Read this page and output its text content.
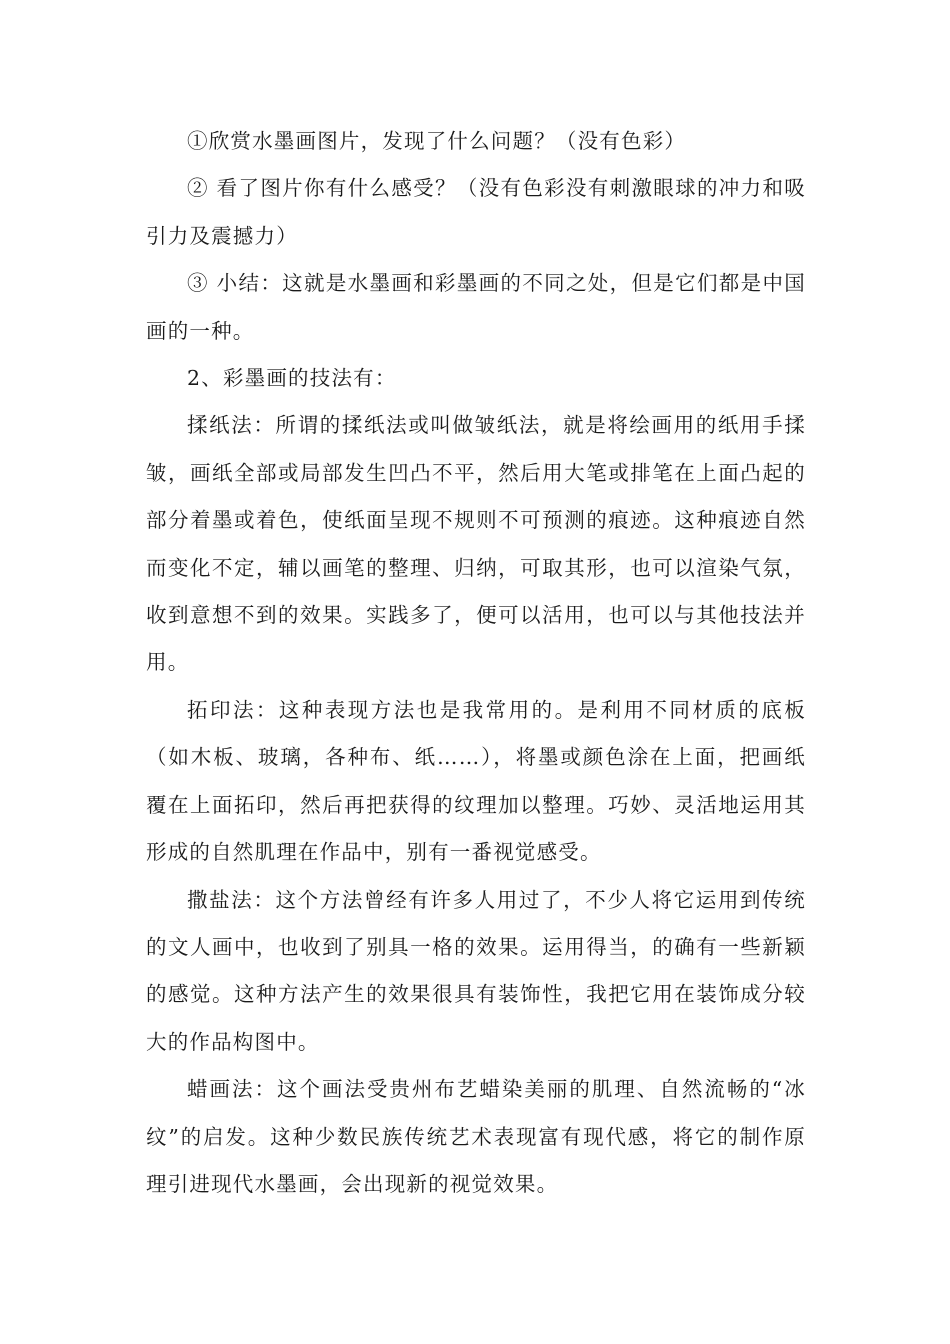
①欣赏水墨画图片，发现了什么问题？（没有色彩）

② 看了图片你有什么感受？（没有色彩没有刺激眼球的冲力和吸引力及震撼力）

③ 小结：这就是水墨画和彩墨画的不同之处，但是它们都是中国画的一种。

2、彩墨画的技法有：

揉纸法：所谓的揉纸法或叫做皱纸法，就是将绘画用的纸用手揉皱，画纸全部或局部发生凹凸不平，然后用大笔或排笔在上面凸起的部分着墨或着色，使纸面呈现不规则不可预测的痕迹。这种痕迹自然而变化不定，辅以画笔的整理、归纳，可取其形，也可以渲染气氛，收到意想不到的效果。实践多了，便可以活用，也可以与其他技法并用。

拓印法：这种表现方法也是我常用的。是利用不同材质的底板（如木板、玻璃，各种布、纸……），将墨或颜色涂在上面，把画纸覆在上面拓印，然后再把获得的纹理加以整理。巧妙、灵活地运用其形成的自然肌理在作品中，别有一番视觉感受。

撒盐法：这个方法曾经有许多人用过了，不少人将它运用到传统的文人画中，也收到了别具一格的效果。运用得当，的确有一些新颖的感觉。这种方法产生的效果很具有装饰性，我把它用在装饰成分较大的作品构图中。

蜡画法：这个画法受贵州布艺蜡染美丽的肌理、自然流畅的“冰纹”的启发。这种少数民族传统艺术表现富有现代感，将它的制作原理引进现代水墨画，会出现新的视觉效果。
